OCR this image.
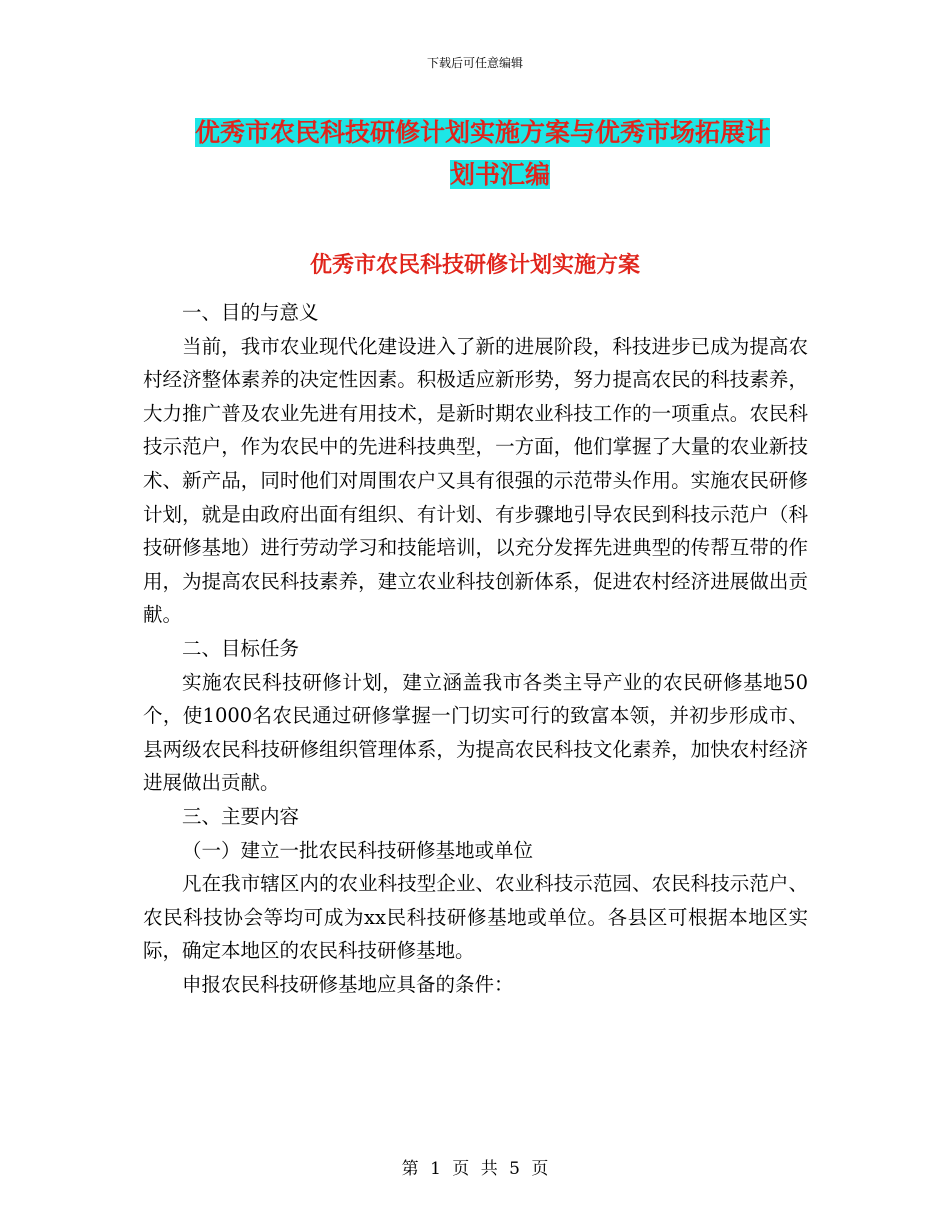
下载后可任意编辑
优秀市农民科技研修计划实施方案与优秀市场拓展计
划书汇编
优秀市农民科技研修计划实施方案

一、目的与意义

当前，我市农业现代化建设进入了新的进展阶段，科技进步已成为提高农村经济整体素养的决定性因素。积极适应新形势，努力提高农民的科技素养，大力推广普及农业先进有用技术，是新时期农业科技工作的一项重点。农民科技示范户，作为农民中的先进科技典型，一方面，他们掌握了大量的农业新技术、新产品，同时他们对周围农户又具有很强的示范带头作用。实施农民研修计划，就是由政府出面有组织、有计划、有步骤地引导农民到科技示范户（科技研修基地）进行劳动学习和技能培训，以充分发挥先进典型的传帮互带的作用，为提高农民科技素养，建立农业科技创新体系，促进农村经济进展做出贡献。

二、目标任务

实施农民科技研修计划，建立涵盖我市各类主导产业的农民研修基地50个，使1000名农民通过研修掌握一门切实可行的致富本领，并初步形成市、县两级农民科技研修组织管理体系，为提高农民科技文化素养，加快农村经济进展做出贡献。

三、主要内容

（一）建立一批农民科技研修基地或单位

凡在我市辖区内的农业科技型企业、农业科技示范园、农民科技示范户、农民科技协会等均可成为xx民科技研修基地或单位。各县区可根据本地区实际，确定本地区的农民科技研修基地。

申报农民科技研修基地应具备的条件：

第 1 页 共 5 页
